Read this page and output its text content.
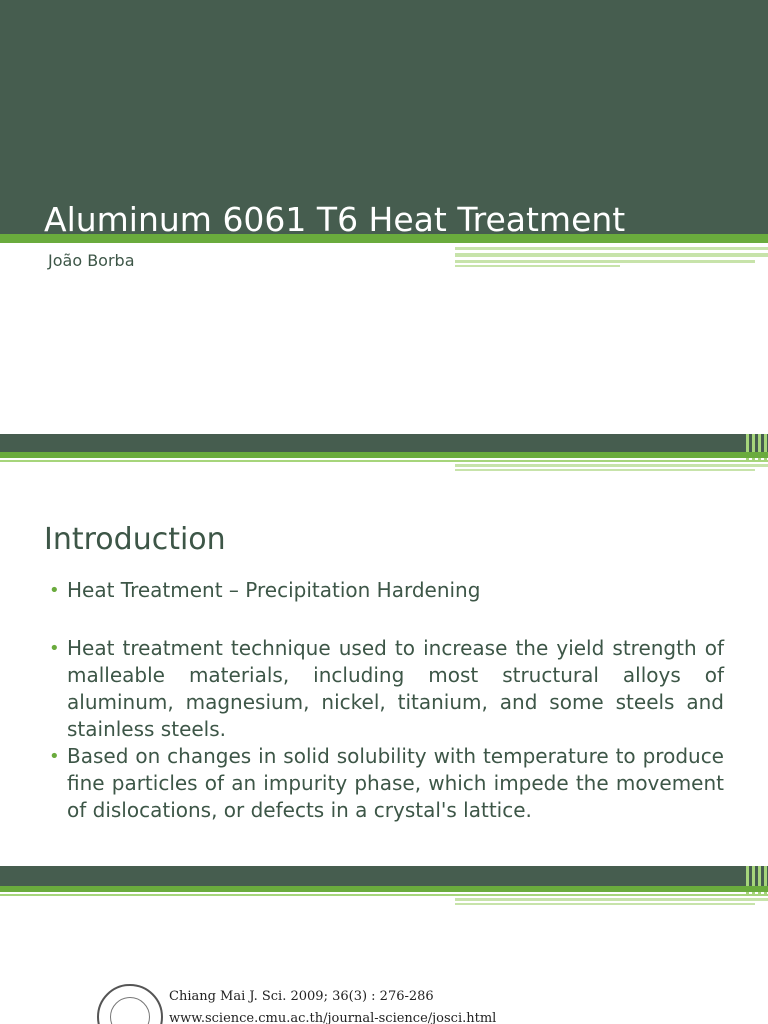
Aluminum 6061 T6 Heat Treatment
João Borba
Introduction
• Heat Treatment – Precipitation Hardening
• Heat treatment technique used to increase the yield strength of malleable materials, including most structural alloys of aluminum, magnesium, nickel, titanium, and some steels and stainless steels.
• Based on changes in solid solubility with temperature to produce fine particles of an impurity phase, which impede the movement of dislocations, or defects in a crystal's lattice.
Chiang Mai J. Sci. 2009; 36(3) : 276-286
www.science.cmu.ac.th/journal-science/josci.html
